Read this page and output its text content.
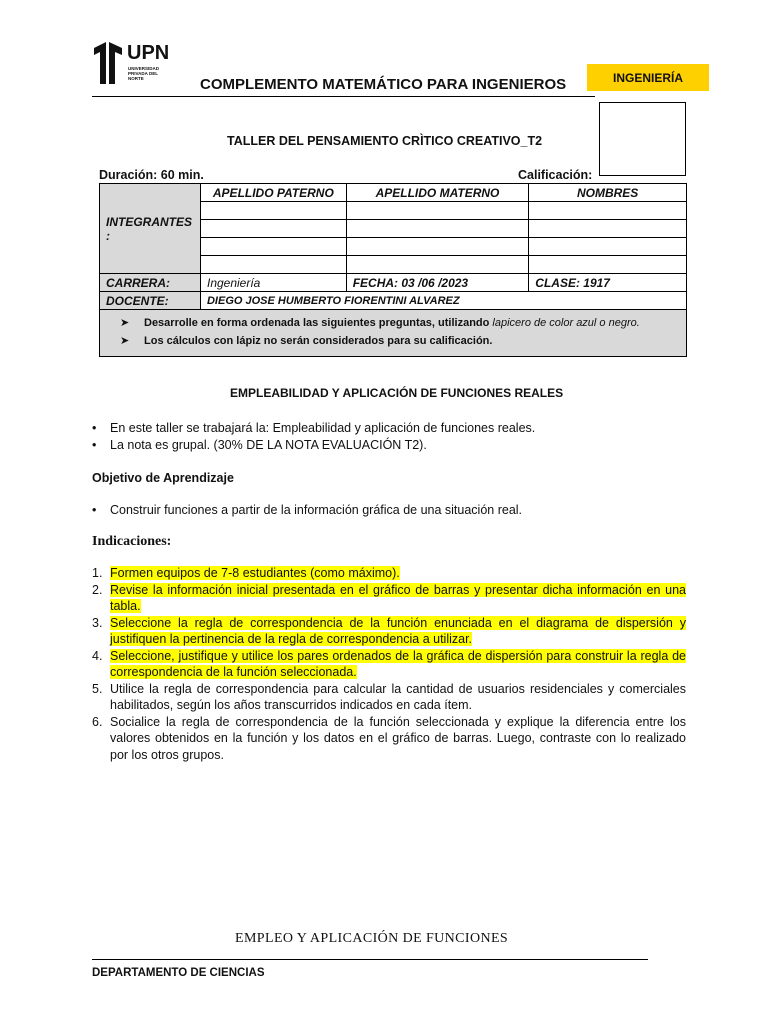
UPN
UNIVERSIDAD PRIVADA DEL NORTE	COMPLEMENTO MATEMÁTICO PARA INGENIEROS	INGENIERÍA
TALLER DEL PENSAMIENTO CRÌTICO CREATIVO_T2
Duración: 60 min.	Calificación:
INTEGRANTES
:	APELLIDO PATERNO	APELLIDO MATERNO	NOMBRES

CARRERA:	Ingeniería	FECHA: 03 /06 /2023	CLASE: 1917
DOCENTE:	DIEGO JOSE HUMBERTO FIORENTINI ALVAREZ		

➤ Desarrolle en forma ordenada las siguientes preguntas, utilizando lapicero de color azul o negro.
➤ Los cálculos con lápiz no serán considerados para su calificación.			
EMPLEABILIDAD Y APLICACIÓN DE FUNCIONES REALES
•	En este taller se trabajará la: Empleabilidad y aplicación de funciones reales.
•	La nota es grupal. (30% DE LA NOTA EVALUACIÓN T2).
Objetivo de Aprendizaje
•	Construir funciones a partir de la información gráfica de una situación real.
Indicaciones:
1. Formen equipos de 7-8 estudiantes (como máximo).
2. Revise la información inicial presentada en el gráfico de barras y presentar dicha información en una tabla.
3. Seleccione la regla de correspondencia de la función enunciada en el diagrama de dispersión y justifiquen la pertinencia de la regla de correspondencia a utilizar.
4. Seleccione, justifique y utilice los pares ordenados de la gráfica de dispersión para construir la regla de correspondencia de la función seleccionada.
5. Utilice la regla de correspondencia para calcular la cantidad de usuarios residenciales y comerciales habilitados, según los años transcurridos indicados en cada ítem.
6. Socialice la regla de correspondencia de la función seleccionada y explique la diferencia entre los valores obtenidos en la función y los datos en el gráfico de barras. Luego, contraste con lo realizado por los otros grupos.
EMPLEO Y APLICACIÓN DE FUNCIONES
DEPARTAMENTO DE CIENCIAS
